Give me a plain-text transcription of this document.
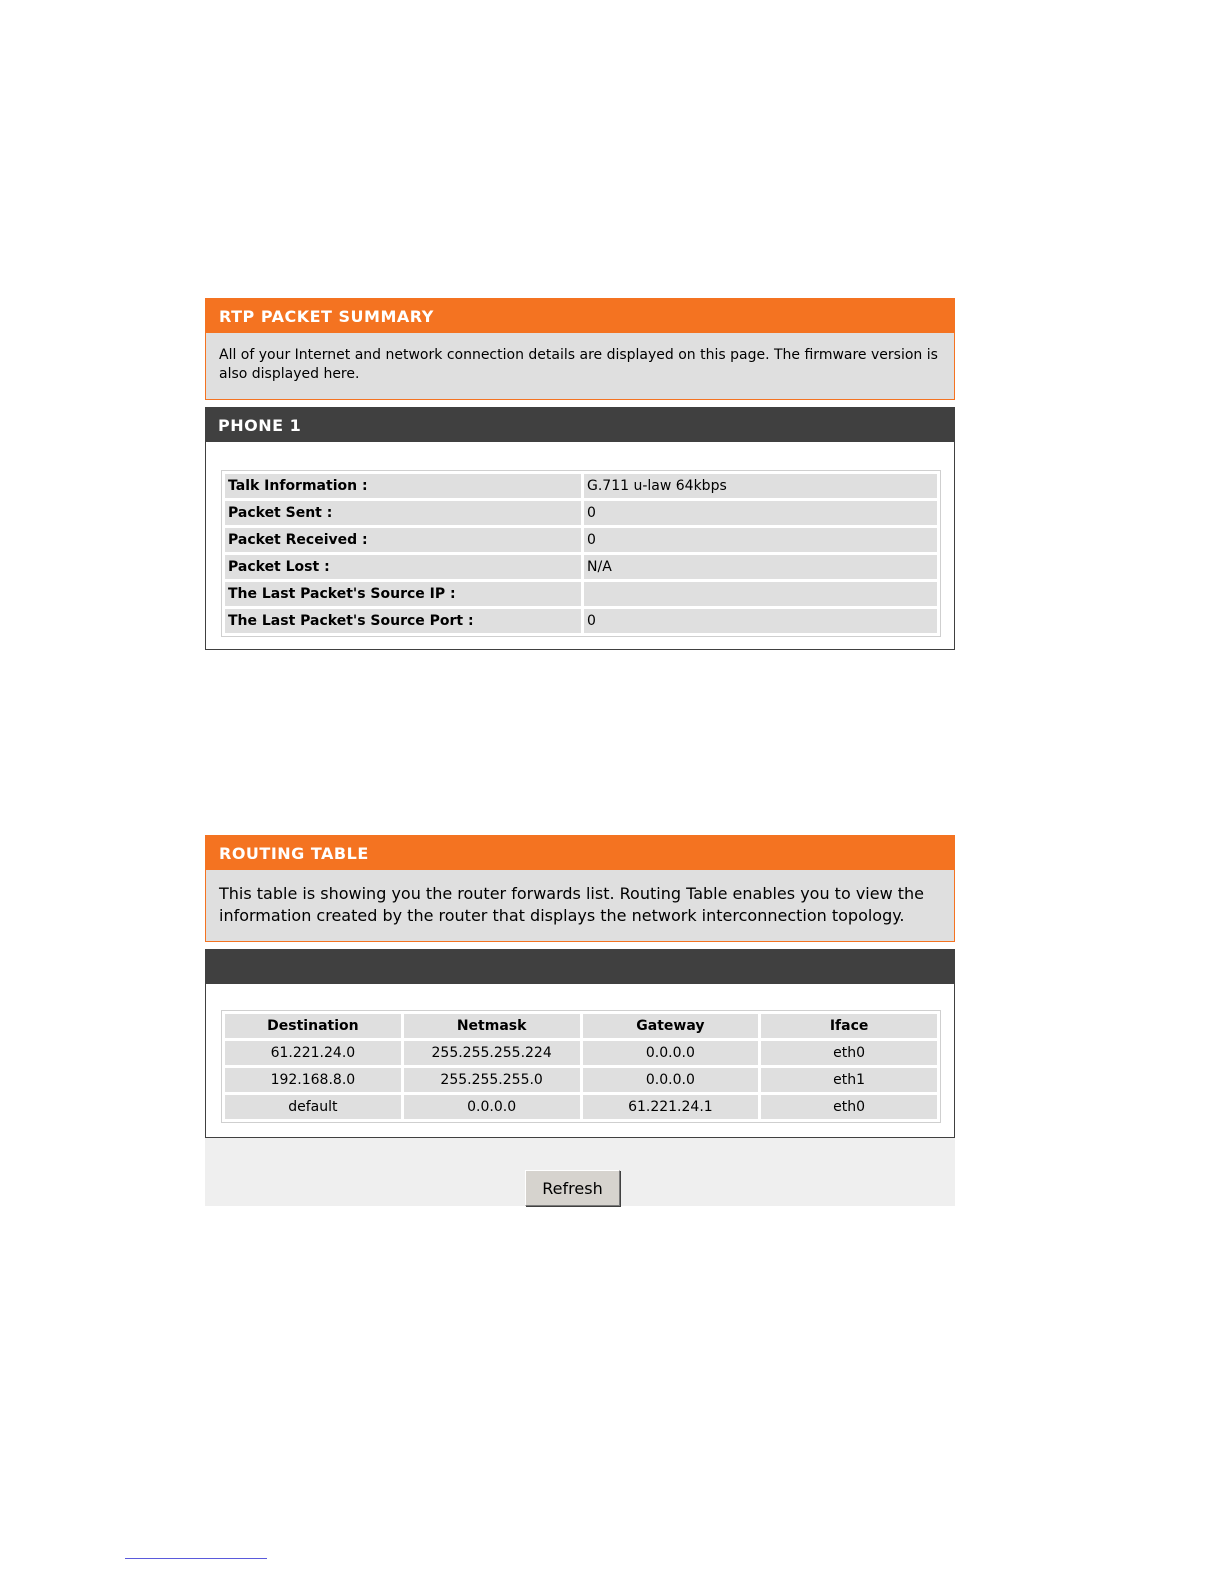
RTP PACKET SUMMARY
All of your Internet and network connection details are displayed on this page. The firmware version is also displayed here.
PHONE 1
Talk Information :	G.711 u-law 64kbps
Packet Sent :	0
Packet Received :	0
Packet Lost :	N/A
The Last Packet's Source IP :	
The Last Packet's Source Port :	0
ROUTING TABLE
This table is showing you the router forwards list. Routing Table enables you to view the information created by the router that displays the network interconnection topology.
Destination	Netmask	Gateway	Iface
61.221.24.0	255.255.255.224	0.0.0.0	eth0
192.168.8.0	255.255.255.0	0.0.0.0	eth1
default	0.0.0.0	61.221.24.1	eth0
Refresh
